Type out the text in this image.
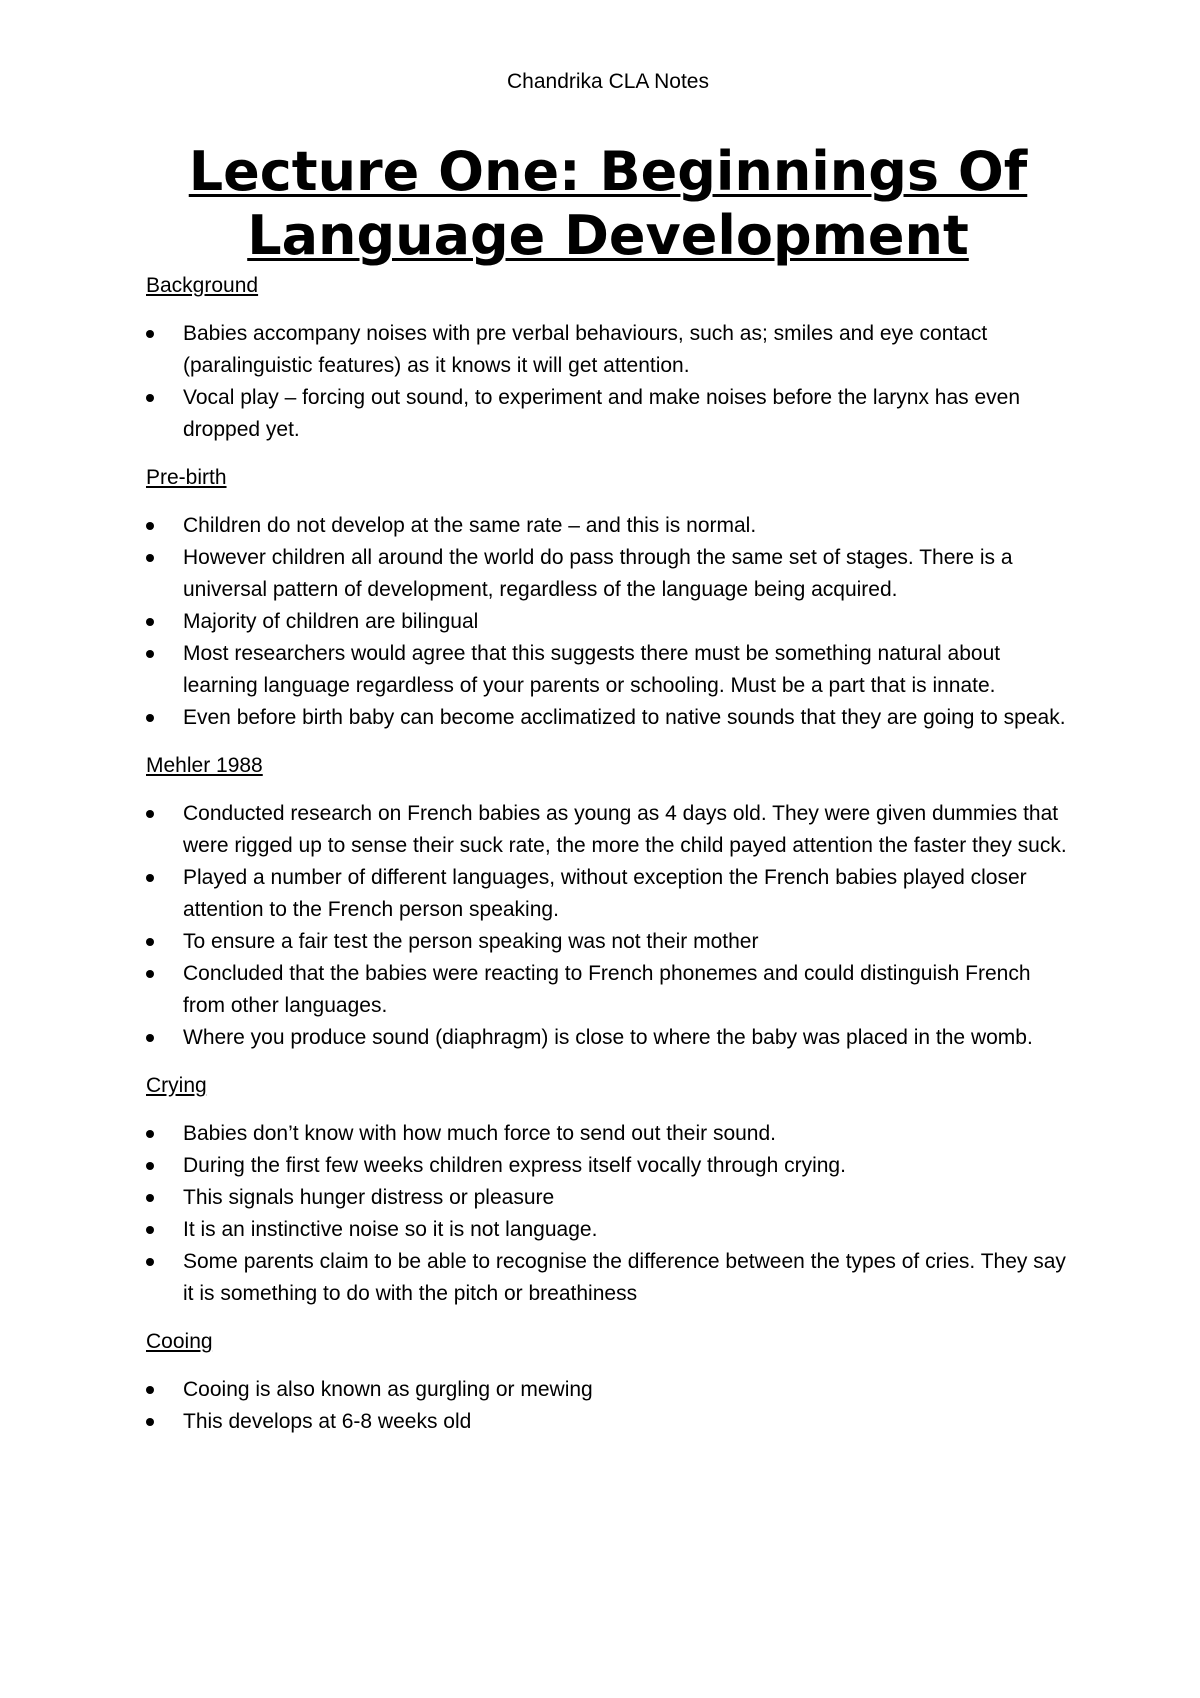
Chandrika CLA Notes
Lecture One: Beginnings Of
Language Development
Background
Babies accompany noises with pre verbal behaviours, such as; smiles and eye contact (paralinguistic features) as it knows it will get attention.
Vocal play – forcing out sound, to experiment and make noises before the larynx has even dropped yet.
Pre-birth
Children do not develop at the same rate – and this is normal.
However children all around the world do pass through the same set of stages. There is a universal pattern of development, regardless of the language being acquired.
Majority of children are bilingual
Most researchers would agree that this suggests there must be something natural about learning language regardless of your parents or schooling. Must be a part that is innate.
Even before birth baby can become acclimatized to native sounds that they are going to speak.
Mehler 1988
Conducted research on French babies as young as 4 days old. They were given dummies that were rigged up to sense their suck rate, the more the child payed attention the faster they suck.
Played a number of different languages, without exception the French babies played closer attention to the French person speaking.
To ensure a fair test the person speaking was not their mother
Concluded that the babies were reacting to French phonemes and could distinguish French from other languages.
Where you produce sound (diaphragm) is close to where the baby was placed in the womb.
Crying
Babies don’t know with how much force to send out their sound.
During the first few weeks children express itself vocally through crying.
This signals hunger distress or pleasure
It is an instinctive noise so it is not language.
Some parents claim to be able to recognise the difference between the types of cries. They say it is something to do with the pitch or breathiness
Cooing
Cooing is also known as gurgling or mewing
This develops at 6-8 weeks old
